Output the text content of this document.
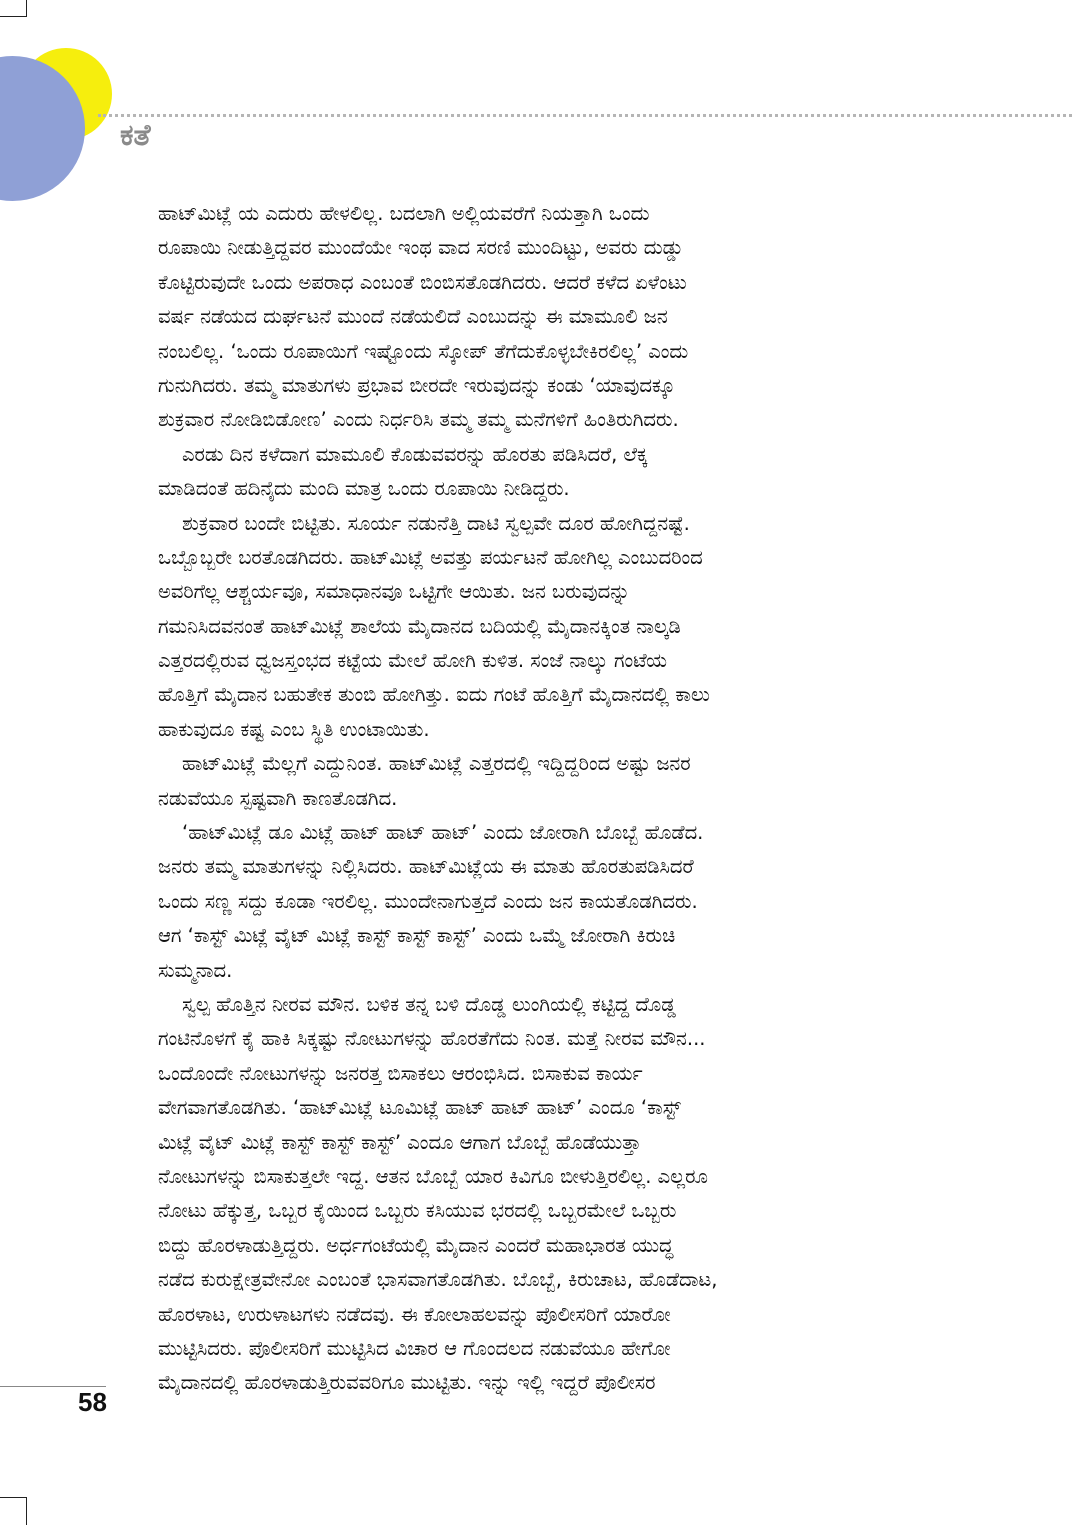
ಕತೆ
ಹಾಟ್‌ಮಿಟ್ಲೆ ಯ ಎದುರು ಹೇಳಲಿಲ್ಲ. ಬದಲಾಗಿ ಅಲ್ಲಿಯವರೆಗೆ ನಿಯತ್ತಾಗಿ ಒಂದು
ರೂಪಾಯಿ ನೀಡುತ್ತಿದ್ದವರ ಮುಂದೆಯೇ ಇಂಥ ವಾದ ಸರಣಿ ಮುಂದಿಟ್ಟು, ಅವರು ದುಡ್ಡು
ಕೊಟ್ಟಿರುವುದೇ ಒಂದು ಅಪರಾಧ ಎಂಬಂತೆ ಬಿಂಬಿಸತೊಡಗಿದರು. ಆದರೆ ಕಳೆದ ಏಳೆಂಟು
ವರ್ಷ ನಡೆಯದ ದುರ್ಘಟನೆ ಮುಂದೆ ನಡೆಯಲಿದೆ ಎಂಬುದನ್ನು ಈ ಮಾಮೂಲಿ ಜನ
ನಂಬಲಿಲ್ಲ. ‘ಒಂದು ರೂಪಾಯಿಗೆ ಇಷ್ಟೊಂದು ಸ್ಕೋಪ್ ತೆಗೆದುಕೊಳ್ಳಬೇಕಿರಲಿಲ್ಲ’ ಎಂದು
ಗುನುಗಿದರು. ತಮ್ಮ ಮಾತುಗಳು ಪ್ರಭಾವ ಬೀರದೇ ಇರುವುದನ್ನು ಕಂಡು ‘ಯಾವುದಕ್ಕೂ
ಶುಕ್ರವಾರ ನೋಡಿಬಿಡೋಣ’ ಎಂದು ನಿರ್ಧರಿಸಿ ತಮ್ಮ ತಮ್ಮ ಮನೆಗಳಿಗೆ ಹಿಂತಿರುಗಿದರು.
ಎರಡು ದಿನ ಕಳೆದಾಗ ಮಾಮೂಲಿ ಕೊಡುವವರನ್ನು ಹೊರತು ಪಡಿಸಿದರೆ, ಲೆಕ್ಕ
ಮಾಡಿದಂತೆ ಹದಿನೈದು ಮಂದಿ ಮಾತ್ರ ಒಂದು ರೂಪಾಯಿ ನೀಡಿದ್ದರು.
ಶುಕ್ರವಾರ ಬಂದೇ ಬಿಟ್ಟಿತು. ಸೂರ್ಯ ನಡುನೆತ್ತಿ ದಾಟಿ ಸ್ವಲ್ಪವೇ ದೂರ ಹೋಗಿದ್ದನಷ್ಟೆ.
ಒಬ್ಬೊಬ್ಬರೇ ಬರತೊಡಗಿದರು. ಹಾಟ್‌ಮಿಟ್ಲೆ ಅವತ್ತು ಪರ್ಯಟನೆ ಹೋಗಿಲ್ಲ ಎಂಬುದರಿಂದ
ಅವರಿಗೆಲ್ಲ ಆಶ್ಚರ್ಯವೂ, ಸಮಾಧಾನವೂ ಒಟ್ಟಿಗೇ ಆಯಿತು. ಜನ ಬರುವುದನ್ನು
ಗಮನಿಸಿದವನಂತೆ ಹಾಟ್‌ಮಿಟ್ಲೆ ಶಾಲೆಯ ಮೈದಾನದ ಬದಿಯಲ್ಲಿ ಮೈದಾನಕ್ಕಿಂತ ನಾಲ್ಕಡಿ
ಎತ್ತರದಲ್ಲಿರುವ ಧ್ವಜಸ್ತಂಭದ ಕಟ್ಟೆಯ ಮೇಲೆ ಹೋಗಿ ಕುಳಿತ. ಸಂಜೆ ನಾಲ್ಕು ಗಂಟೆಯ
ಹೊತ್ತಿಗೆ ಮೈದಾನ ಬಹುತೇಕ ತುಂಬಿ ಹೋಗಿತ್ತು. ಐದು ಗಂಟೆ ಹೊತ್ತಿಗೆ ಮೈದಾನದಲ್ಲಿ ಕಾಲು
ಹಾಕುವುದೂ ಕಷ್ಟ ಎಂಬ ಸ್ಥಿತಿ ಉಂಟಾಯಿತು.
ಹಾಟ್‌ಮಿಟ್ಲೆ ಮೆಲ್ಲಗೆ ಎದ್ದುನಿಂತ. ಹಾಟ್‌ಮಿಟ್ಲೆ ಎತ್ತರದಲ್ಲಿ ಇದ್ದಿದ್ದರಿಂದ ಅಷ್ಟು ಜನರ
ನಡುವೆಯೂ ಸ್ಪಷ್ಟವಾಗಿ ಕಾಣತೊಡಗಿದ.
‘ಹಾಟ್‌ಮಿಟ್ಲೆ ಡೂ ಮಿಟ್ಲೆ ಹಾಟ್ ಹಾಟ್ ಹಾಟ್’ ಎಂದು ಜೋರಾಗಿ ಬೊಬ್ಬೆ ಹೊಡೆದ.
ಜನರು ತಮ್ಮ ಮಾತುಗಳನ್ನು ನಿಲ್ಲಿಸಿದರು. ಹಾಟ್‌ಮಿಟ್ಲೆಯ ಈ ಮಾತು ಹೊರತುಪಡಿಸಿದರೆ
ಒಂದು ಸಣ್ಣ ಸದ್ದು ಕೂಡಾ ಇರಲಿಲ್ಲ. ಮುಂದೇನಾಗುತ್ತದೆ ಎಂದು ಜನ ಕಾಯತೊಡಗಿದರು.
ಆಗ ‘ಕಾಸ್ಟ್ ಮಿಟ್ಲೆ ವೈಟ್ ಮಿಟ್ಲೆ ಕಾಸ್ಟ್ ಕಾಸ್ಟ್ ಕಾಸ್ಟ್’ ಎಂದು ಒಮ್ಮೆ ಜೋರಾಗಿ ಕಿರುಚಿ
ಸುಮ್ಮನಾದ.
ಸ್ವಲ್ಪ ಹೊತ್ತಿನ ನೀರವ ಮೌನ. ಬಳಿಕ ತನ್ನ ಬಳಿ ದೊಡ್ಡ ಲುಂಗಿಯಲ್ಲಿ ಕಟ್ಟಿದ್ದ ದೊಡ್ಡ
ಗಂಟಿನೊಳಗೆ ಕೈ ಹಾಕಿ ಸಿಕ್ಕಷ್ಟು ನೋಟುಗಳನ್ನು ಹೊರತೆಗೆದು ನಿಂತ. ಮತ್ತೆ ನೀರವ ಮೌನ...
ಒಂದೊಂದೇ ನೋಟುಗಳನ್ನು ಜನರತ್ತ ಬಿಸಾಕಲು ಆರಂಭಿಸಿದ. ಬಿಸಾಕುವ ಕಾರ್ಯ
ವೇಗವಾಗತೊಡಗಿತು. ‘ಹಾಟ್‌ಮಿಟ್ಲೆ ಟೂಮಿಟ್ಲೆ ಹಾಟ್ ಹಾಟ್ ಹಾಟ್’ ಎಂದೂ ‘ಕಾಸ್ಟ್
ಮಿಟ್ಲೆ ವೈಟ್ ಮಿಟ್ಲೆ ಕಾಸ್ಟ್ ಕಾಸ್ಟ್ ಕಾಸ್ಟ್’ ಎಂದೂ ಆಗಾಗ ಬೊಬ್ಬೆ ಹೊಡೆಯುತ್ತಾ
ನೋಟುಗಳನ್ನು ಬಿಸಾಕುತ್ತಲೇ ಇದ್ದ. ಆತನ ಬೊಬ್ಬೆ ಯಾರ ಕಿವಿಗೂ ಬೀಳುತ್ತಿರಲಿಲ್ಲ. ಎಲ್ಲರೂ
ನೋಟು ಹೆಕ್ಕುತ್ತ, ಒಬ್ಬರ ಕೈಯಿಂದ ಒಬ್ಬರು ಕಸಿಯುವ ಭರದಲ್ಲಿ ಒಬ್ಬರಮೇಲೆ ಒಬ್ಬರು
ಬಿದ್ದು ಹೊರಳಾಡುತ್ತಿದ್ದರು. ಅರ್ಧಗಂಟೆಯಲ್ಲಿ ಮೈದಾನ ಎಂದರೆ ಮಹಾಭಾರತ ಯುದ್ಧ
ನಡೆದ ಕುರುಕ್ಷೇತ್ರವೇನೋ ಎಂಬಂತೆ ಭಾಸವಾಗತೊಡಗಿತು. ಬೊಬ್ಬೆ, ಕಿರುಚಾಟ, ಹೊಡೆದಾಟ,
ಹೊರಳಾಟ, ಉರುಳಾಟಗಳು ನಡೆದವು. ಈ ಕೋಲಾಹಲವನ್ನು ಪೊಲೀಸರಿಗೆ ಯಾರೋ
ಮುಟ್ಟಿಸಿದರು. ಪೊಲೀಸರಿಗೆ ಮುಟ್ಟಿಸಿದ ವಿಚಾರ ಆ ಗೊಂದಲದ ನಡುವೆಯೂ ಹೇಗೋ
ಮೈದಾನದಲ್ಲಿ ಹೊರಳಾಡುತ್ತಿರುವವರಿಗೂ ಮುಟ್ಟಿತು. ಇನ್ನು ಇಲ್ಲಿ ಇದ್ದರೆ ಪೊಲೀಸರ
58
